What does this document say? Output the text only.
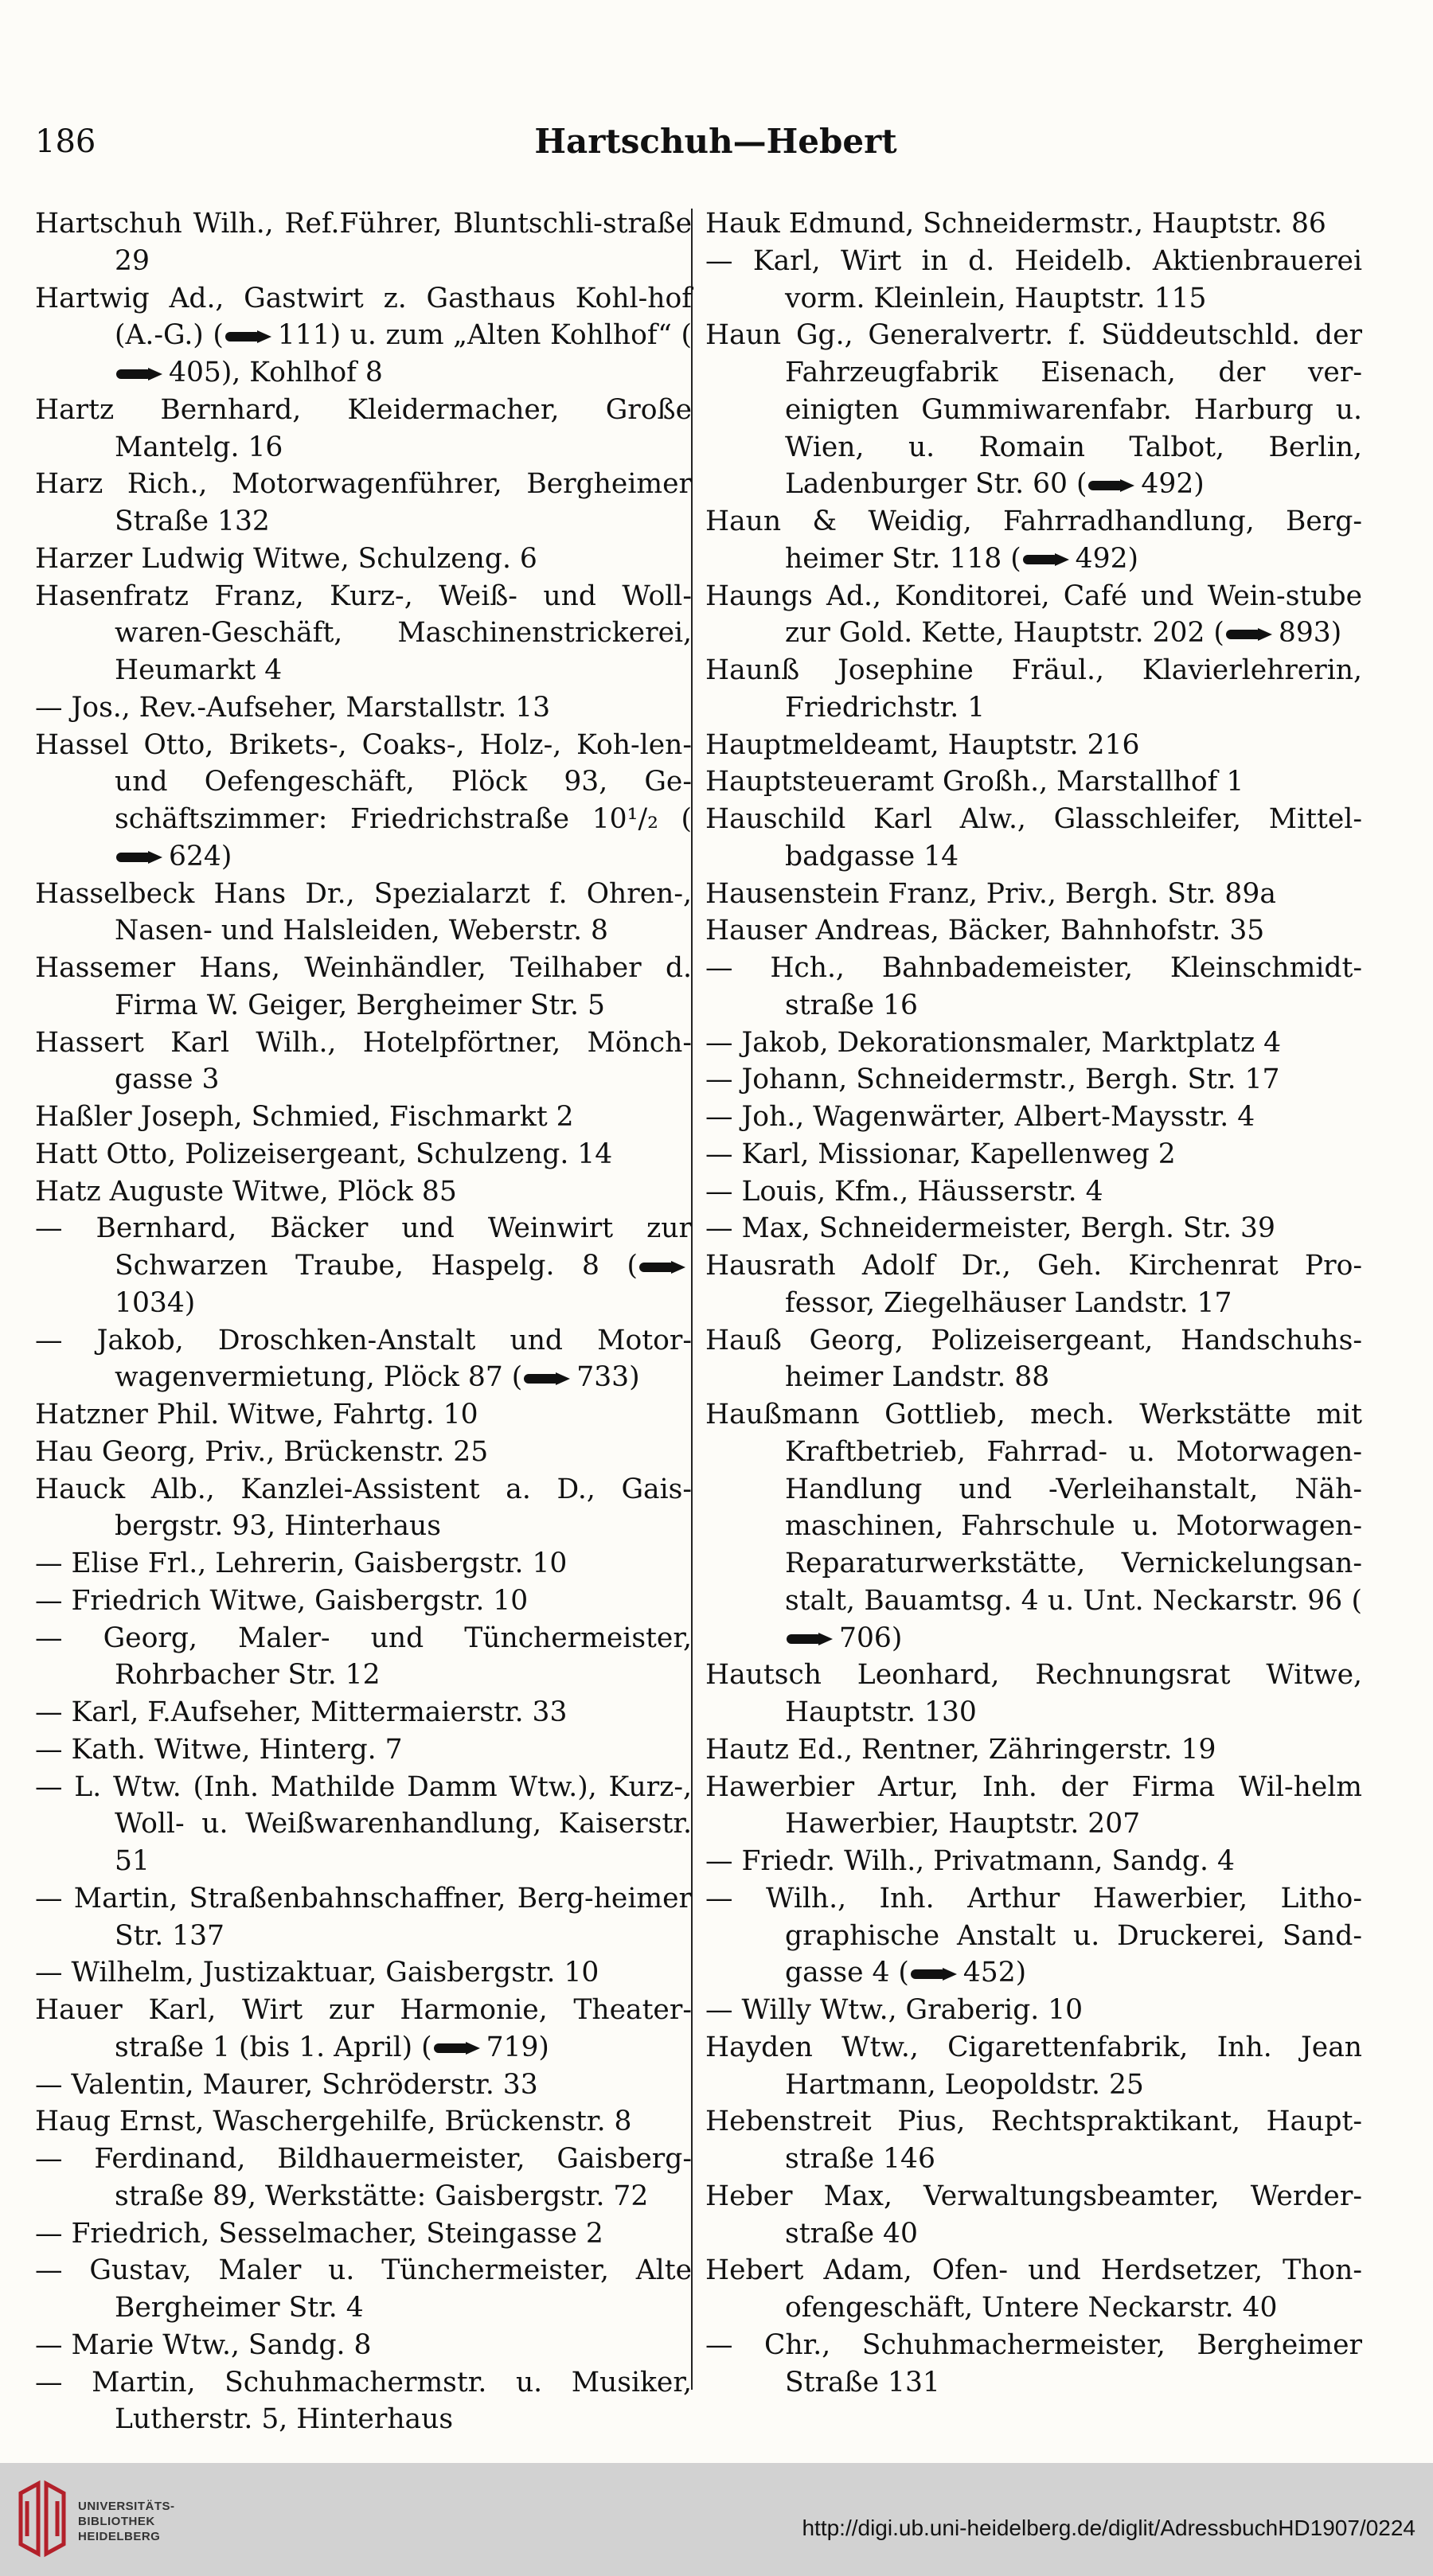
186	Hartschuh—Hebert
Hartschuh Wilh., Ref.Führer, Bluntschli-straße 29
Hartwig Ad., Gastwirt z. Gasthaus Kohl-hof (A.-G.) ( 111) u. zum „Alten Kohlhof“ (405), Kohlhof 8
Hartz Bernhard, Kleidermacher, Große Mantelg. 16
Harz Rich., Motorwagenführer, Bergheimer Straße 132
Harzer Ludwig Witwe, Schulzeng. 6
Hasenfratz Franz, Kurz-, Weiß- und Woll-waren-Geschäft, Maschinenstrickerei, Heumarkt 4
— Jos., Rev.-Aufseher, Marstallstr. 13
Hassel Otto, Brikets-, Coaks-, Holz-, Koh-len- und Oefengeschäft, Plöck 93, Ge-schäftszimmer: Friedrichstraße 10¹/₂ (624)
Hasselbeck Hans Dr., Spezialarzt f. Ohren-, Nasen- und Halsleiden, Weberstr. 8
Hassemer Hans, Weinhändler, Teilhaber d. Firma W. Geiger, Bergheimer Str. 5
Hassert Karl Wilh., Hotelpförtner, Mönch-gasse 3
Haßler Joseph, Schmied, Fischmarkt 2
Hatt Otto, Polizeisergeant, Schulzeng. 14
Hatz Auguste Witwe, Plöck 85
— Bernhard, Bäcker und Weinwirt zur Schwarzen Traube, Haspelg. 8 (1034)
— Jakob, Droschken-Anstalt und Motor-wagenvermietung, Plöck 87 ( 733)
Hatzner Phil. Witwe, Fahrtg. 10
Hau Georg, Priv., Brückenstr. 25
Hauck Alb., Kanzlei-Assistent a. D., Gais-bergstr. 93, Hinterhaus
— Elise Frl., Lehrerin, Gaisbergstr. 10
— Friedrich Witwe, Gaisbergstr. 10
— Georg, Maler- und Tünchermeister, Rohrbacher Str. 12
— Karl, F.Aufseher, Mittermaierstr. 33
— Kath. Witwe, Hinterg. 7
— L. Wtw. (Inh. Mathilde Damm Wtw.), Kurz-, Woll- u. Weißwarenhandlung, Kaiserstr. 51
— Martin, Straßenbahnschaffner, Berg-heimer Str. 137
— Wilhelm, Justizaktuar, Gaisbergstr. 10
Hauer Karl, Wirt zur Harmonie, Theater-straße 1 (bis 1. April) ( 719)
— Valentin, Maurer, Schröderstr. 33
Haug Ernst, Waschergehilfe, Brückenstr. 8
— Ferdinand, Bildhauermeister, Gaisberg-straße 89, Werkstätte: Gaisbergstr. 72
— Friedrich, Sesselmacher, Steingasse 2
— Gustav, Maler u. Tünchermeister, Alte Bergheimer Str. 4
— Marie Wtw., Sandg. 8
— Martin, Schuhmachermstr. u. Musiker, Lutherstr. 5, Hinterhaus
Hauk Edmund, Schneidermstr., Hauptstr. 86
— Karl, Wirt in d. Heidelb. Aktienbrauerei vorm. Kleinlein, Hauptstr. 115
Haun Gg., Generalvertr. f. Süddeutschld. der Fahrzeugfabrik Eisenach, der ver-einigten Gummiwarenfabr. Harburg u. Wien, u. Romain Talbot, Berlin, Ladenburger Str. 60 ( 492)
Haun & Weidig, Fahrradhandlung, Berg-heimer Str. 118 ( 492)
Haungs Ad., Konditorei, Café und Wein-stube zur Gold. Kette, Hauptstr. 202 ( 893)
Haunß Josephine Fräul., Klavierlehrerin, Friedrichstr. 1
Hauptmeldeamt, Hauptstr. 216
Hauptsteueramt Großh., Marstallhof 1
Hauschild Karl Alw., Glasschleifer, Mittel-badgasse 14
Hausenstein Franz, Priv., Bergh. Str. 89a
Hauser Andreas, Bäcker, Bahnhofstr. 35
— Hch., Bahnbademeister, Kleinschmidt-straße 16
— Jakob, Dekorationsmaler, Marktplatz 4
— Johann, Schneidermstr., Bergh. Str. 17
— Joh., Wagenwärter, Albert-Maysstr. 4
— Karl, Missionar, Kapellenweg 2
— Louis, Kfm., Häusserstr. 4
— Max, Schneidermeister, Bergh. Str. 39
Hausrath Adolf Dr., Geh. Kirchenrat Pro-fessor, Ziegelhäuser Landstr. 17
Hauß Georg, Polizeisergeant, Handschuhs-heimer Landstr. 88
Haußmann Gottlieb, mech. Werkstätte mit Kraftbetrieb, Fahrrad- u. Motorwagen-Handlung und -Verleihanstalt, Näh-maschinen, Fahrschule u. Motorwagen-Reparaturwerkstätte, Vernickelungsan-stalt, Bauamtsg. 4 u. Unt. Neckarstr. 96 (706)
Hautsch Leonhard, Rechnungsrat Witwe, Hauptstr. 130
Hautz Ed., Rentner, Zähringerstr. 19
Hawerbier Artur, Inh. der Firma Wil-helm Hawerbier, Hauptstr. 207
— Friedr. Wilh., Privatmann, Sandg. 4
— Wilh., Inh. Arthur Hawerbier, Litho-graphische Anstalt u. Druckerei, Sand-gasse 4 ( 452)
— Willy Wtw., Graberig. 10
Hayden Wtw., Cigarettenfabrik, Inh. Jean Hartmann, Leopoldstr. 25
Hebenstreit Pius, Rechtspraktikant, Haupt-straße 146
Heber Max, Verwaltungsbeamter, Werder-straße 40
Hebert Adam, Ofen- und Herdsetzer, Thon-ofengeschäft, Untere Neckarstr. 40
— Chr., Schuhmachermeister, Bergheimer Straße 131
UNIVERSITÄTS-
BIBLIOTHEK
HEIDELBERG	http://digi.ub.uni-heidelberg.de/diglit/AdressbuchHD1907/0224
